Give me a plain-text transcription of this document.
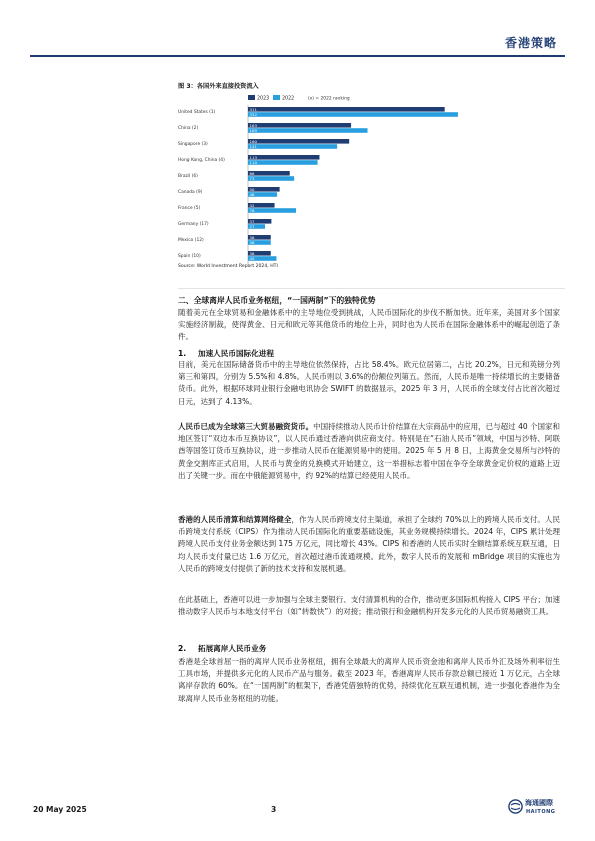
香港策略
图 3：各国外来直接投资流入
2023	2022	(x) = 2022 ranking
United States (1)
311
332
China (2)
163
189
Singapore (3)
160
141
Hong Kong, China (4)
113
110
Brazil (6)
66
73
Canada (9)
50
46
France (5)
42
76
Germany (17)
37
27
Mexico (12)
36
36
Spain (10)
36
45
Source: World Investment Report 2024, HTI
二、全球离岸人民币业务枢纽，“一国两制”下的独特优势

随着美元在全球贸易和金融体系中的主导地位受到挑战，人民币国际化的步伐不断加快。近年来，美国对多个国家实施经济制裁，使得黄金、日元和欧元等其他货币的地位上升，同时也为人民币在国际金融体系中的崛起创造了条件。

1. 加速人民币国际化进程

目前，美元在国际储备货币中的主导地位依然保持，占比 58.4%。欧元位居第二，占比 20.2%，日元和英镑分列第三和第四，分别为 5.5%和 4.8%。人民币则以 3.6%的份额位列第五。然而，人民币是唯一持续增长的主要储备货币。此外，根据环球同业银行金融电讯协会 SWIFT 的数据显示，2025 年 3 月，人民币的全球支付占比首次超过日元，达到了 4.13%。

人民币已成为全球第三大贸易融资货币。中国持续推动人民币计价结算在大宗商品中的应用，已与超过 40 个国家和地区签订“双边本币互换协议”，以人民币通过香港向供应商支付。特别是在“石油人民币”领域，中国与沙特、阿联酋等国签订货币互换协议，进一步推动人民币在能源贸易中的使用。2025 年 5 月 8 日，上海黄金交易所与沙特的黄金交割库正式启用，人民币与黄金的兑换模式开始建立，这一举措标志着中国在争夺全球黄金定价权的道路上迈出了关键一步。而在中俄能源贸易中，约 92%的结算已经使用人民币。

香港的人民币清算和结算网络健全，作为人民币跨境支付主渠道，承担了全球约 70%以上的跨境人民币支付。人民币跨境支付系统（CIPS）作为推动人民币国际化的重要基础设施，其业务规模持续增长。2024 年，CIPS 累计处理跨境人民币支付业务金额达到 175 万亿元，同比增长 43%。CIPS 和香港的人民币实时全额结算系统互联互通，日均人民币支付量已达 1.6 万亿元，首次超过港币流通规模。此外，数字人民币的发展和 mBridge 项目的实施也为人民币的跨境支付提供了新的技术支持和发展机遇。

在此基础上，香港可以进一步加强与全球主要银行、支付清算机构的合作，推动更多国际机构接入 CIPS 平台；加速推动数字人民币与本地支付平台（如“转数快”）的对接；推动银行和金融机构开发多元化的人民币贸易融资工具。

2. 拓展离岸人民币业务

香港是全球首屈一指的离岸人民币业务枢纽，拥有全球最大的离岸人民币资金池和离岸人民币外汇及场外利率衍生工具市场，并提供多元化的人民币产品与服务。截至 2023 年，香港离岸人民币存款总额已接近 1 万亿元，占全球离岸存款的 60%。在“一国两制”的框架下，香港凭借独特的优势，持续优化互联互通机制，进一步强化香港作为全球离岸人民币业务枢纽的功能。

20 May 2025	3
海通國際
HAITONG
